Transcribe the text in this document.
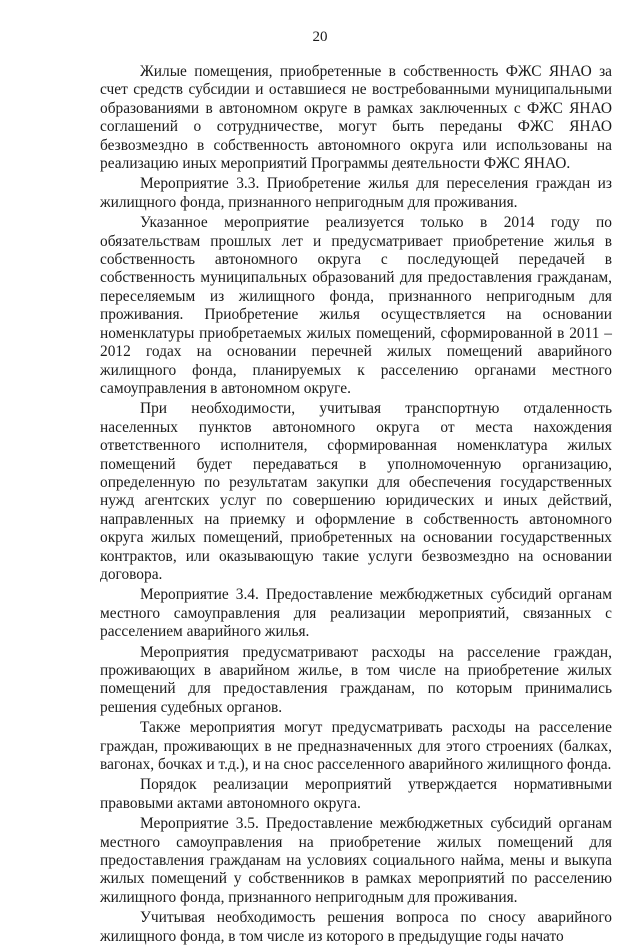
20

Жилые помещения, приобретенные в собственность ФЖС ЯНАО за счет средств субсидии и оставшиеся не востребованными муниципальными образованиями в автономном округе в рамках заключенных с ФЖС ЯНАО соглашений о сотрудничестве, могут быть переданы ФЖС ЯНАО безвозмездно в собственность автономного округа или использованы на реализацию иных мероприятий Программы деятельности ФЖС ЯНАО.

Мероприятие 3.3. Приобретение жилья для переселения граждан из жилищного фонда, признанного непригодным для проживания.

Указанное мероприятие реализуется только в 2014 году по обязательствам прошлых лет и предусматривает приобретение жилья в собственность автономного округа с последующей передачей в собственность муниципальных образований для предоставления гражданам, переселяемым из жилищного фонда, признанного непригодным для проживания. Приобретение жилья осуществляется на основании номенклатуры приобретаемых жилых помещений, сформированной в 2011 – 2012 годах на основании перечней жилых помещений аварийного жилищного фонда, планируемых к расселению органами местного самоуправления в автономном округе.

При необходимости, учитывая транспортную отдаленность населенных пунктов автономного округа от места нахождения ответственного исполнителя, сформированная номенклатура жилых помещений будет передаваться в уполномоченную организацию, определенную по результатам закупки для обеспечения государственных нужд агентских услуг по совершению юридических и иных действий, направленных на приемку и оформление в собственность автономного округа жилых помещений, приобретенных на основании государственных контрактов, или оказывающую такие услуги безвозмездно на основании договора.

Мероприятие 3.4. Предоставление межбюджетных субсидий органам местного самоуправления для реализации мероприятий, связанных с расселением аварийного жилья.

Мероприятия предусматривают расходы на расселение граждан, проживающих в аварийном жилье, в том числе на приобретение жилых помещений для предоставления гражданам, по которым принимались решения судебных органов.

Также мероприятия могут предусматривать расходы на расселение граждан, проживающих в не предназначенных для этого строениях (балках, вагонах, бочках и т.д.), и на снос расселенного аварийного жилищного фонда.

Порядок реализации мероприятий утверждается нормативными правовыми актами автономного округа.

Мероприятие 3.5. Предоставление межбюджетных субсидий органам местного самоуправления на приобретение жилых помещений для предоставления гражданам на условиях социального найма, мены и выкупа жилых помещений у собственников в рамках мероприятий по расселению жилищного фонда, признанного непригодным для проживания.

Учитывая необходимость решения вопроса по сносу аварийного жилищного фонда, в том числе из которого в предыдущие годы начато
